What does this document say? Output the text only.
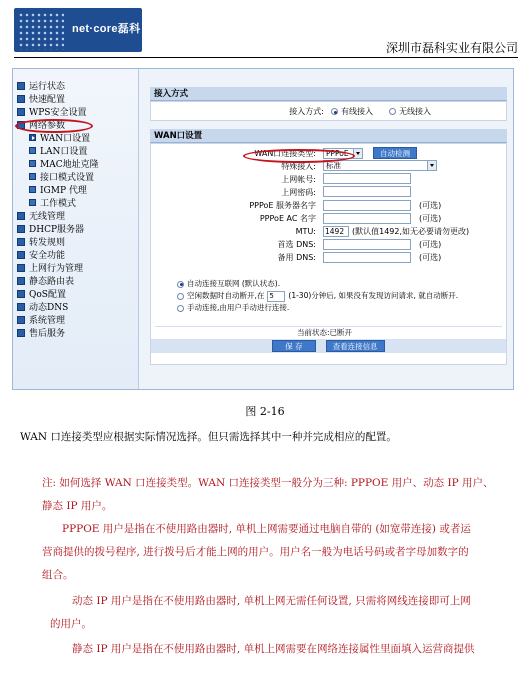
net·core磊科
深圳市磊科实业有限公司
运行状态
快速配置
WPS安全设置
网络参数
WAN口设置
LAN口设置
MAC地址克隆
接口模式设置
IGMP 代理
工作模式
无线管理
DHCP服务器
转发规则
安全功能
上网行为管理
静态路由表
QoS配置
动态DNS
系统管理
售后服务
接入方式
接入方式: 有线接入	无线接入
WAN口设置
WAN口连接类型:	PPPoE	自动检测
特殊接入:	标准
上网帐号:
上网密码:
PPPoE 服务器名字	(可选)
PPPoE AC 名字	(可选)
MTU: 1492 (默认值1492,如无必要请勿更改)
首选 DNS:	(可选)
备用 DNS:	(可选)
自动连接互联网 (默认状态).
空闲数据时自动断开,在 5	(1-30)分钟后, 如果没有发现访问请求, 就自动断开.
手动连接,由用户手动进行连接.
当前状态:已断开
保 存	查看连接信息
图 2-16
WAN 口连接类型应根据实际情况选择。但只需选择其中一种并完成相应的配置。
注: 如何选择 WAN 口连接类型。WAN 口连接类型一般分为三种: PPPOE 用户、动态 IP 用户、
静态 IP 用户。
PPPOE 用户是指在不使用路由器时, 单机上网需要通过电脑自带的 (如宽带连接) 或者运
营商提供的拨号程序, 进行拨号后才能上网的用户。用户名一般为电话号码或者字母加数字的
组合。
动态 IP 用户是指在不使用路由器时, 单机上网无需任何设置, 只需将网线连接即可上网
的用户。
静态 IP 用户是指在不使用路由器时, 单机上网需要在网络连接属性里面填入运营商提供
